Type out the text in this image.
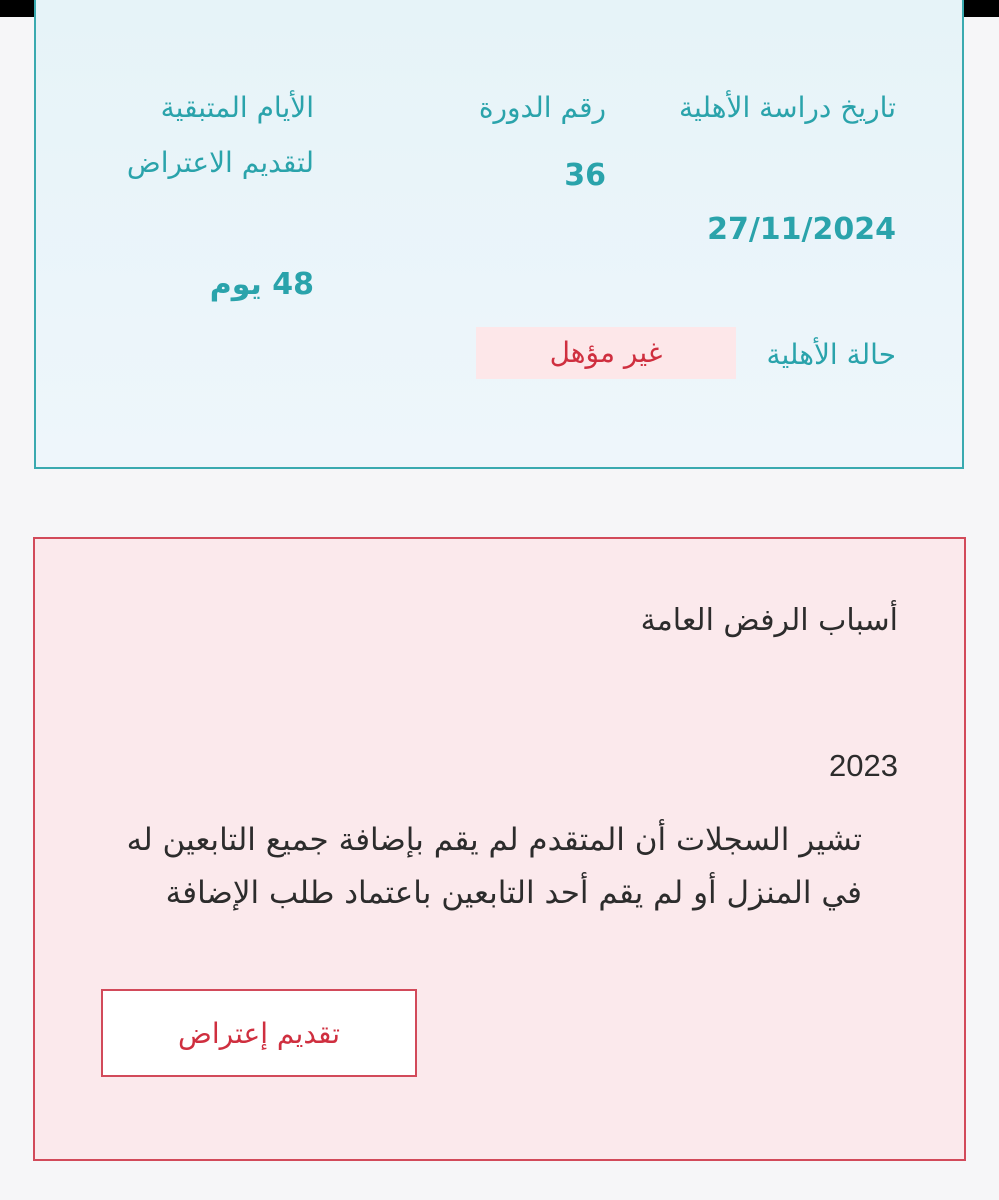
تاريخ دراسة الأهلية
27/11/2024
رقم الدورة
36
الأيام المتبقية لتقديم الاعتراض
48 يوم
حالة الأهلية
غير مؤهل
أسباب الرفض العامة
2023
تشير السجلات أن المتقدم لم يقم بإضافة جميع التابعين له في المنزل أو لم يقم أحد التابعين باعتماد طلب الإضافة
تقديم إعتراض
